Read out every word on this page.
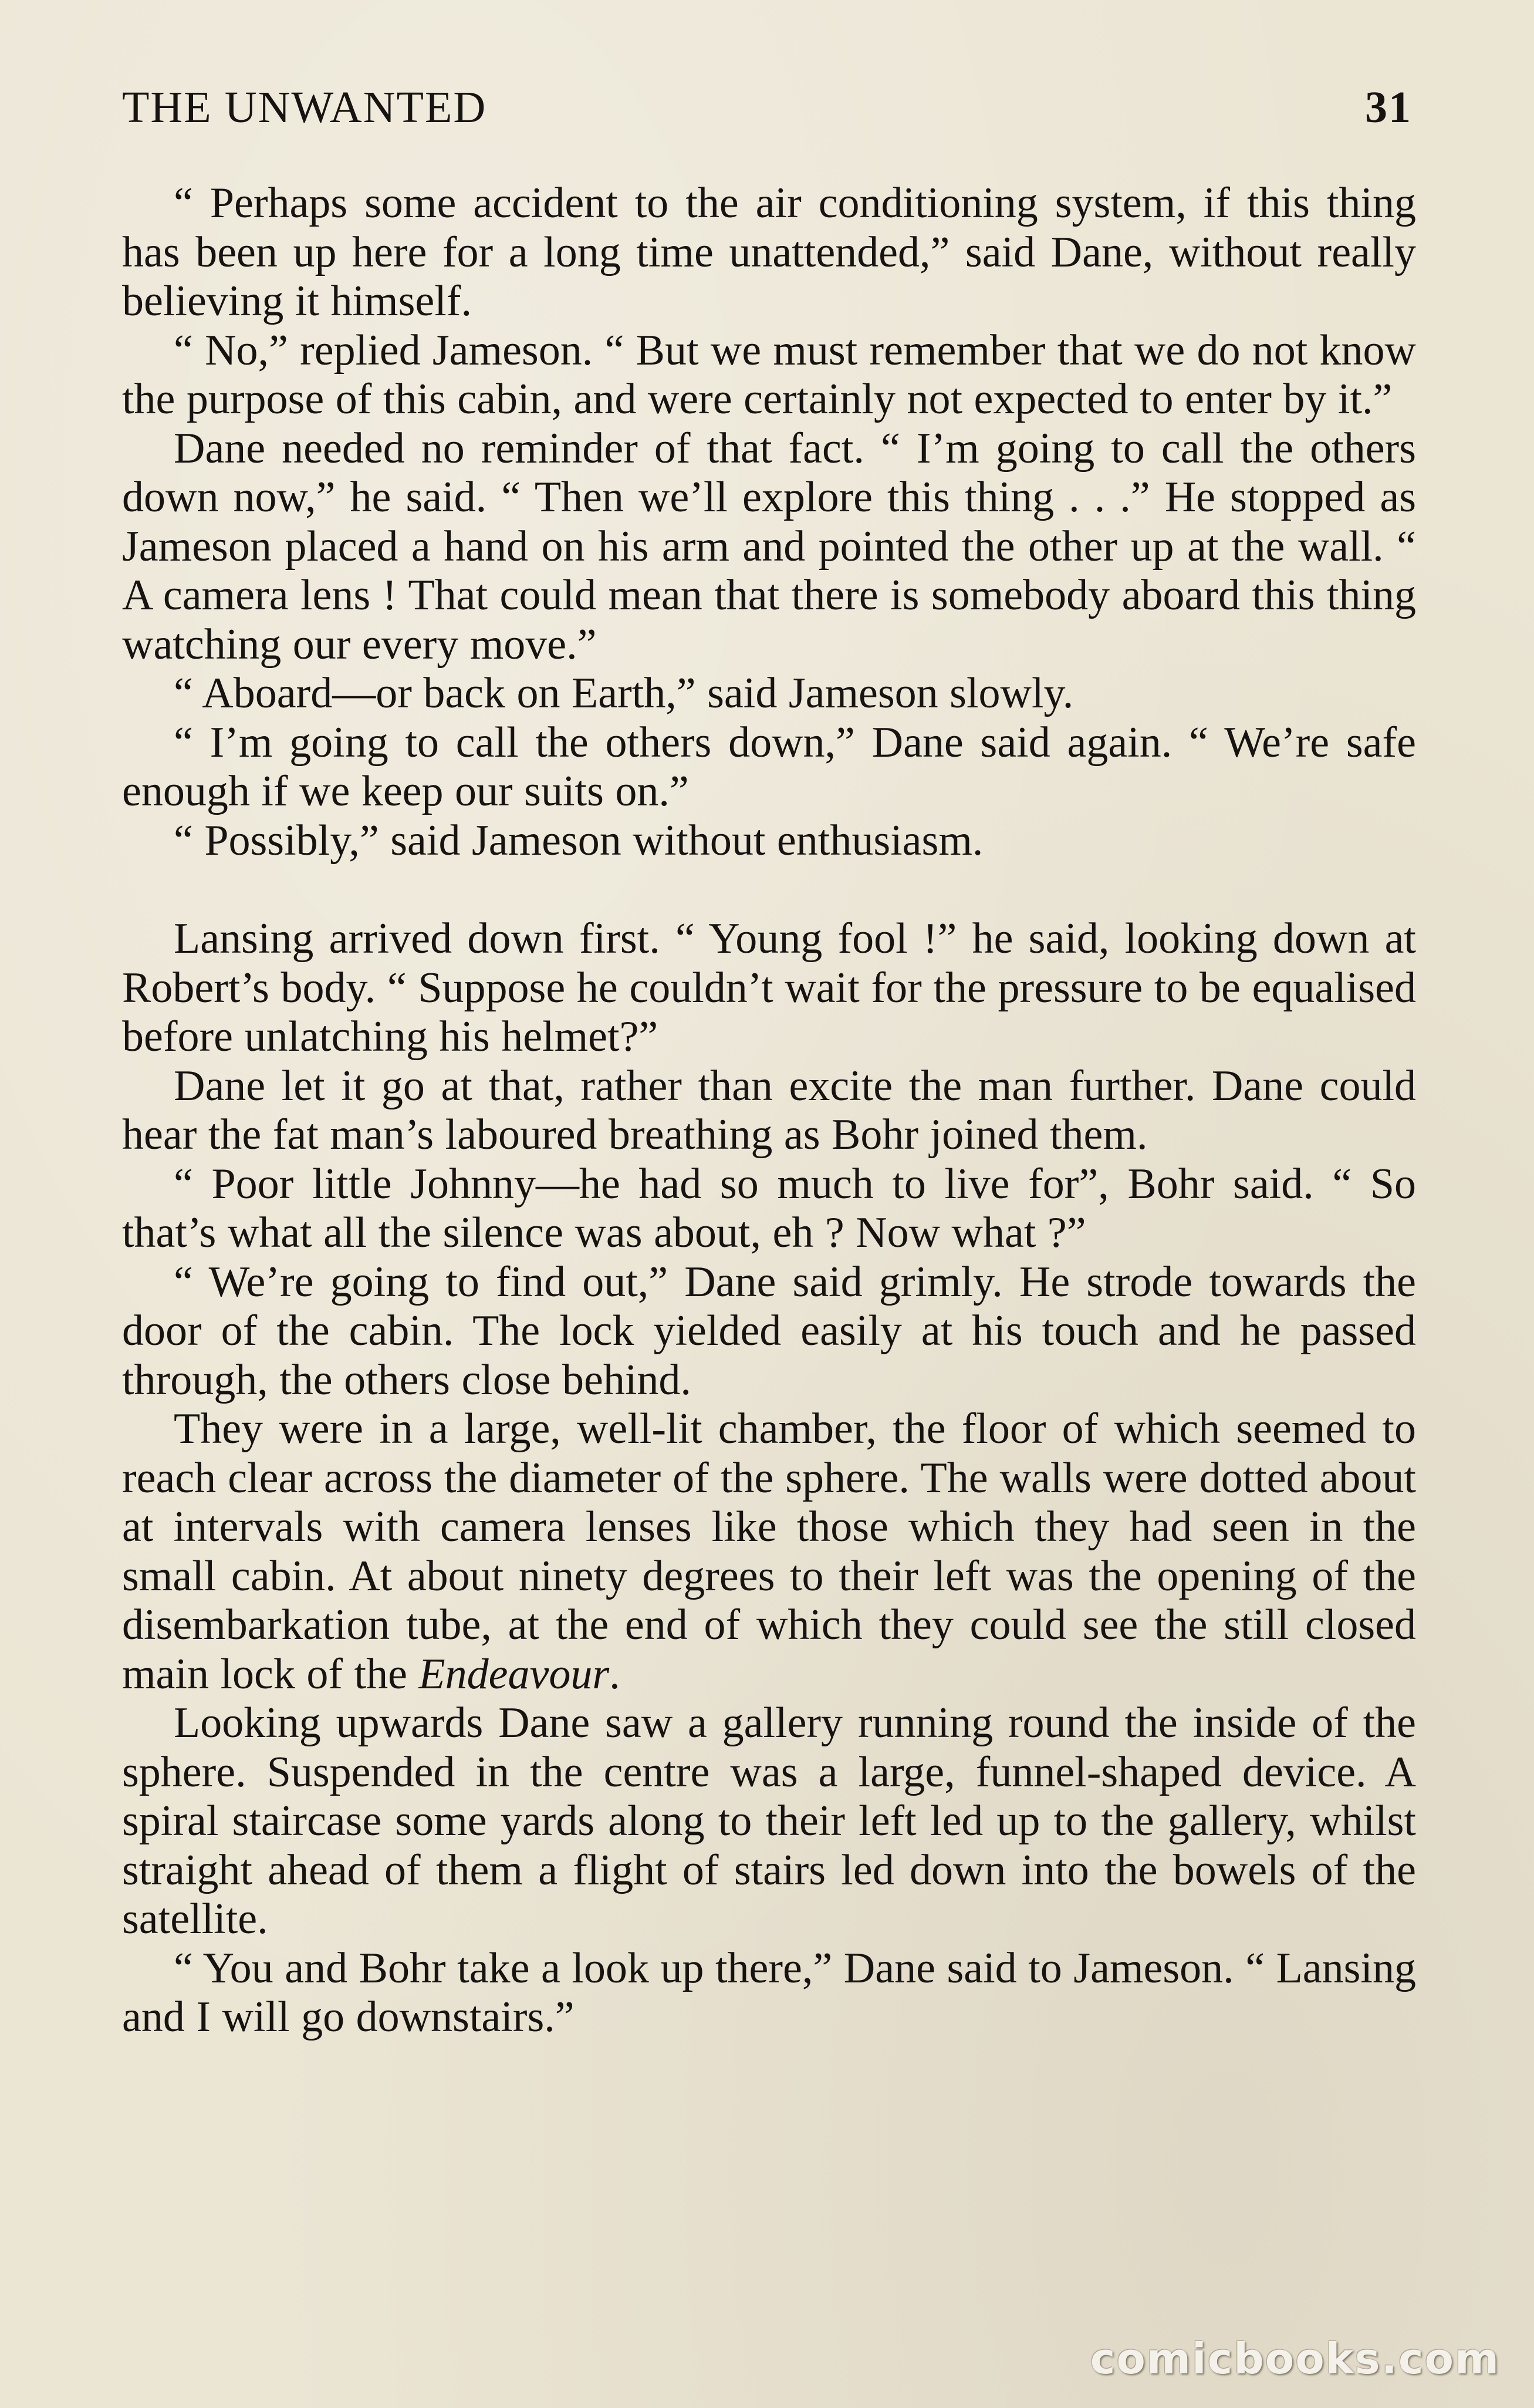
THE UNWANTED	31

“ Perhaps some accident to the air conditioning system, if this thing has been up here for a long time unattended,” said Dane, without really believing it himself.

“ No,” replied Jameson. “ But we must remember that we do not know the purpose of this cabin, and were certainly not expected to enter by it.”

Dane needed no reminder of that fact. “ I’m going to call the others down now,” he said. “ Then we’ll explore this thing . . .” He stopped as Jameson placed a hand on his arm and pointed the other up at the wall. “ A camera lens ! That could mean that there is somebody aboard this thing watching our every move.”

“ Aboard—or back on Earth,” said Jameson slowly.

“ I’m going to call the others down,” Dane said again. “ We’re safe enough if we keep our suits on.”

“ Possibly,” said Jameson without enthusiasm.

Lansing arrived down first. “ Young fool !” he said, looking down at Robert’s body. “ Suppose he couldn’t wait for the pressure to be equalised before unlatching his helmet?”

Dane let it go at that, rather than excite the man further. Dane could hear the fat man’s laboured breathing as Bohr joined them.

“ Poor little Johnny—he had so much to live for”, Bohr said. “ So that’s what all the silence was about, eh ? Now what ?”

“ We’re going to find out,” Dane said grimly. He strode towards the door of the cabin. The lock yielded easily at his touch and he passed through, the others close behind.

They were in a large, well-lit chamber, the floor of which seemed to reach clear across the diameter of the sphere. The walls were dotted about at intervals with camera lenses like those which they had seen in the small cabin. At about ninety degrees to their left was the opening of the disembarkation tube, at the end of which they could see the still closed main lock of the Endeavour.

Looking upwards Dane saw a gallery running round the inside of the sphere. Suspended in the centre was a large, funnel-shaped device. A spiral staircase some yards along to their left led up to the gallery, whilst straight ahead of them a flight of stairs led down into the bowels of the satellite.

“ You and Bohr take a look up there,” Dane said to Jameson. “ Lansing and I will go downstairs.”

comicbooks.com
